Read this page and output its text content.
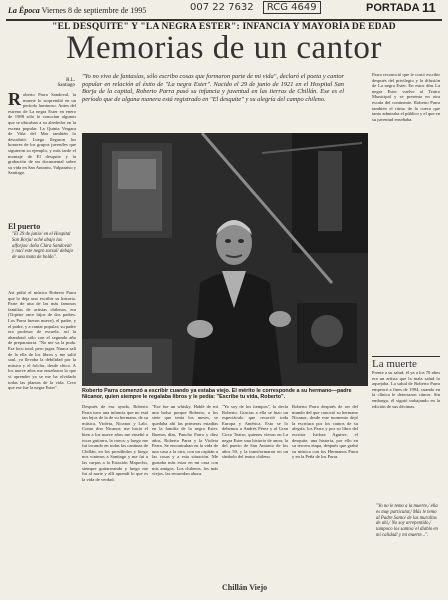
La Época Viernes 8 de septiembre de 1995	007 22 7632 RCG 4649	PORTADA 11
"EL DESQUITE" Y "LA NEGRA ESTER": INFANCIA Y MAYORÍA DE EDAD
Memorias de un cantor
R.L.
Santiago
"Yo no vivo de fantasías, sólo escribo cosas que formaron parte de mi vida", declaró el poeta y cantor popular en relación al éxito de "La negra Ester". Nacido el 29 de junio de 1921 en el Hospital San Borja de la capital, Roberto Parra pasó su infancia y juventud en las tierras de Chillán. Ese es el período que de alguna manera está registrado en "El desquite" y su alegría del campo chileno.
R oberto Parra Sandoval, la muerte lo sorprendió en un período luminoso. Antes del estreno de La negra Ester en enero de 1988 sólo lo conocían algunos que se ubicaban a su alrededor en la escena popular. La Quinta Vergara de Viña del Mar también lo descubrió. Luego llegaron los honores de los grupos juveniles que siguieron su ejemplo, y más tarde el montaje de El desquite y la grabación de un documental sobre su vida en San Antonio, Valparaíso y Santiago.
El puerto
"El 29 de junio/ en el Hospital San Borja/ oché abajo las alforjas/ doña Clara Sandoval/ y nací este negro zorzal/ debajo de una mata de boldo".
Así pidió el músico Roberto Parra que lo deja uno escribir su historia. Parte de una de las más famosas familias de artistas chilenos, era (Tiqiene once hijos de dos padres. Los Parra fueron nueve), el padre, y el padre, y a cantar popular; su padre era profesor de escuela, así la abandonó sólo con el segundo año de preparatoria. "No me va la poda. Era loco total, pero jugar. Nunca salí de la ella de los libros y me salió saul, ya llevaba la debilidad por la música y el folclor, desde chico. A los nueve años me enseñaron lo que vi aprender ya se me ha olvidado todas las plantas de la vida. Creo que ese fue la negra Ester".
Roberto Parra comenzó a escribir cuando ya estaba viejo. El mérito le corresponde a su hermano—padre Nicanor, quien siempre le regalaba libros y le pedía: "Escribe tu vida, Roberto".
Después de esa ayuda, Roberto Parra tuvo una infancia que no está tan lejos de la de su hermano, de su música, Violeta, Nicanor y Lalo. Como don Nicanor, me hacía el bien a los nueve años me enseñó a tocar guitarra, la cueca; y luego me fui tocando en todas las cantinas de Chillán, en los prostíbulos y luego nos vinimos a Santiago y me fui a las carpas a la Estación Mapocho, siempre guitarreando y luego me fui al norte y allí aprendí lo que es la vida de verdad.
"Ese fue un whisky. Hablé de mí una bolsa porque Roberto, a los siete que tenía los meses, se quedaba ahí las primeras estadías en la familia de la negra Ester. Buenos días, Pancho Parra y diez años, Roberto Parra y la Violeta Parra. Se encontraban en la vida de una casa a la otra, con un capitán a las cosas y a esta situación. Me gustaba más estar en mi casa con mis amigos. Los chilenos, los más viejos, las recuerdan ahora.
"Yo soy de los tiempos", lo decía Roberto. Gracias a ella se hizo un espectáculo que recorrió toda Europa y América. Esto se lo debemos a Andrés Pérez y al Gran Circo Teatro, quienes vieron en La negra Ester una historia de amor, la del puerto de San Antonio de los años 50, y la transformaron en un símbolo del teatro chileno.
Roberto Parra después de ser del mundo del que conoció su hermano Nicanor, desde este momento dejó la escritura por los cantos de su alegría, los Parra y por su libro del escritor Isidora Aguirre, el desquite, una historia, por ello en su tercera etapa, después que grabó su música con los Hermanos Parra y en la Peña de los Parra.
Chillán Viejo
Parra reconoció que le costó escribir después del privilegio y la difusión de La negra Ester. En estos días La negra Ester vuelve al Teatro Municipal y se presenta en otra escala del continente. Roberto Parra también el ritmo de la cueca que tanto admiraba el público y el que en su juventud enseñaba.
La muerte
Frente a su salud, él ya a los 70 años era un artista que la mala salud lo aquejaba. La salud de Roberto Parra empeoró a fines de 1994, cuando en la clínica le detectaron cáncer. Sin embargo, él siguió trabajando en la edición de sus décimas.
"Yo no le temo a la muerte,/ ella es muy particular,/ Más le temo al Padre Santo/ de las murallas de ahí,/ No soy arrepentido,/ tampoco los santos/ el diablo en mi calidad/ y mi muerte...".
